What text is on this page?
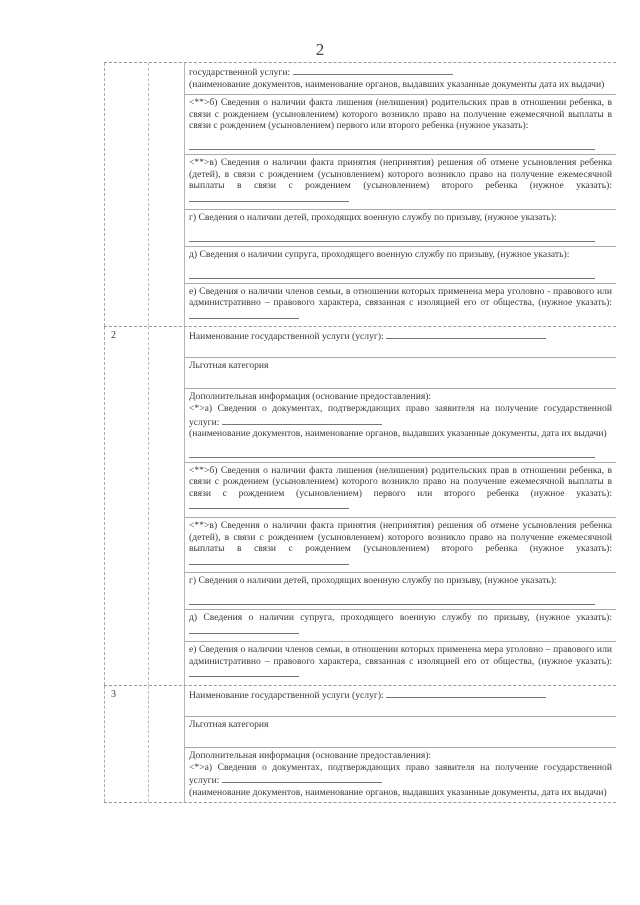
2
государственной услуги:
(наименование документов, наименование органов, выдавших указанные документы дата их выдачи)
<**>б) Сведения о наличии факта лишения (нелишения) родительских прав в отношении ребенка, в связи с рождением (усыновлением) которого возникло право на получение ежемесячной выплаты в связи с рождением (усыновлением) первого или второго ребенка (нужное указать):
<**>в) Сведения о наличии факта принятия (непринятия) решения об отмене усыновления ребенка (детей), в связи с рождением (усыновлением) которого возникло право на получение ежемесячной выплаты в связи с рождением (усыновлением) второго ребенка (нужное указать):
г) Сведения о наличии детей, проходящих военную службу по призыву, (нужное указать):
д) Сведения о наличии супруга, проходящего военную службу по призыву, (нужное указать):
е) Сведения о наличии членов семьи, в отношении которых применена мера уголовно - правового или административно – правового характера, связанная с изоляцией его от общества, (нужное указать):
2	Наименование государственной услуги (услуг):
Льготная категория
Дополнительная информация (основание предоставления):
<*>а) Сведения о документах, подтверждающих право заявителя на получение государственной услуги:
(наименование документов, наименование органов, выдавших указанные документы, дата их выдачи)
<**>б) Сведения о наличии факта лишения (нелишения) родительских прав в отношении ребенка, в связи с рождением (усыновлением) которого возникло право на получение ежемесячной выплаты в связи с рождением (усыновлением) первого или второго ребенка (нужное указать):
<**>в) Сведения о наличии факта принятия (непринятия) решения об отмене усыновления ребенка (детей), в связи с рождением (усыновлением) которого возникло право на получение ежемесячной выплаты в связи с рождением (усыновлением) второго ребенка (нужное указать):
г) Сведения о наличии детей, проходящих военную службу по призыву, (нужное указать):
д) Сведения о наличии супруга, проходящего военную службу по призыву, (нужное указать):
е) Сведения о наличии членов семьи, в отношении которых применена мера уголовно – правового или административно – правового характера, связанная с изоляцией его от общества, (нужное указать):
3	Наименование государственной услуги (услуг):
Льготная категория
Дополнительная информация (основание предоставления):
<*>а) Сведения о документах, подтверждающих право заявителя на получение государственной услуги:
(наименование документов, наименование органов, выдавших указанные документы, дата их выдачи)
